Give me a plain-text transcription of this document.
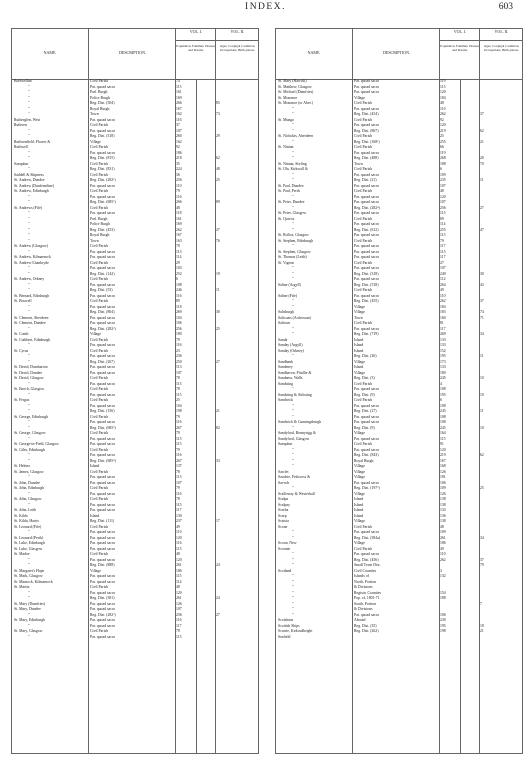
INDEX.	603
NAME.	DESCRIPTION.
VOL. I.
Population, Families, Houses, and Rooms.
VOL. II.
Ages, Conjugal Condition, Occupations, Birth-places.
Bothwellan	Civil Parish	74
"	Par. quoad sacra	115
"	Parl. Burgh	161
"	Police Burgh	169
"	Reg. Dist. (504)	266	85
"	Royal Burgh	167
"	Town	162	73
Rutherglen, West	Par. quoad sacra	116
Ruthven	Civil Parish	37
"	Par. quoad sacra	107
"	Reg. Dist. (318)	260	29
Ruthvenfield, Flower &	Village	162
Ruthwell	Civil Parish	92
"	Par. quoad sacra	186
"	Reg. Dist. (815)	218	62
Sanquhar	Civil Parish	35
"	Reg. Dist. (831)	224	48
Saddell & Skipness	Civil Parish	36
St. Andrew, Dundee	Reg. Dist. (282¹)	256	25
St. Andrew (Dunfermline)	Par. quoad sacra	110
St. Andrew, Edinburgh	Civil Parish	79
"	Par. quoad sacra	116
"	Reg. Dist. (685²)	266	89
St. Andrews (Fife)	Civil Parish	48
"	Par. quoad sacra	118
"	Parl. Burgh	161
"	Police Burgh	169
"	Reg. Dist. (453)	262	27
"	Royal Burgh	167
"	Town	163	76
St. Andrew (Glasgow)	Civil Parish	78
"	Par. quoad sacra	113
St. Andrew, Kilmarnock	Par. quoad sacra	114
St. Andrew-Lhanbryde	Civil Parish	29
"	Par. quoad sacra	103
"	Reg. Dist. (142)	252	19
St. Andrew, Orkney	Civil Parish	6
"	Par. quoad sacra	108
"	Reg. Dist. (53)	246	11
St. Bernard, Edinburgh	Par. quoad sacra	116
St. Boswell	Civil Parish	89
"	Par. quoad sacra	118
"	Reg. Dist. (804)	269	30
St. Clement, Aberdeen	Par. quoad sacra	104
St. Clement, Dundee	Par. quoad sacra	106
"	Reg. Dist. (282²)	256	25
St. Comb	Village	180
St. Cuthbert, Edinburgh	Civil Parish	79
"	Par. quoad sacra	116
St. Cyrus	Civil Parish	23
"	Par. quoad sacra	236
"	Reg. Dist. (267)	250	27
St. David, Dumbarton	Par. quoad sacra	113
St. David, Dundee	Par. quoad sacra	107
St. David, Glasgow	Civil Parish	78
"	Par. quoad sacra	113
St. Enoch, Glasgow	Civil Parish	78
"	Par. quoad sacra	115
St. Fergus	Civil Parish	25
"	Par. quoad sacra	104
"	Reg. Dist. (156)	198	21
St. George, Edinburgh	Civil Parish	79
"	Par. quoad sacra	116
"	Reg. Dist. (685³)	267	82
St. George, Glasgow	Civil Parish	79
"	Par. quoad sacra	115
St. George-in-Field, Glasgow	Par. quoad sacra	115
St. Giles, Edinburgh	Civil Parish	79
"	Par. quoad sacra	116
"	Reg. Dist. (685⁴)	267	33
St. Helena	Island	137
St. James, Glasgow	Civil Parish	78
"	Par. quoad sacra	115
St. John, Dundee	Par. quoad sacra	107
St. John, Edinburgh	Civil Parish	79
"	Par. quoad sacra	116
St. John, Glasgow	Civil Parish	78
"	Par. quoad sacra	115
St. John, Leith	Par. quoad sacra	117
St. Kilda	Island	130
St. Kilda, Harris	Reg. Dist. (111)	237	17
St. Leonard (Fife)	Civil Parish	49
"	Par. quoad sacra	110
St. Leonard (Perth)	Par. quoad sacra	120
St. Luke, Edinburgh	Par. quoad sacra	116
St. Luke, Glasgow	Par. quoad sacra	115
St. Madoe	Civil Parish	48
"	Par. quoad sacra	120
"	Reg. Dist. (888)	261	24
St. Margaret's Hope	Village	186
St. Mark, Glasgow	Par. quoad sacra	115
St. Marnock, Kilmarnock	Par. quoad sacra	114
St. Martin	Civil Parish	48
"	Par. quoad sacra	120
"	Reg. Dist. (381)	261	24
St. Mary (Dumfries)	Par. quoad sacra	126
St. Mary, Dundee	Par. quoad sacra	107
"	Reg. Dist. (282³)	256	27
St. Mary, Edinburgh	Par. quoad sacra	116
"	Par. quoad sacra	117
St. Mary, Glasgow	Civil Parish	78
"	Par. quoad sacra	115
NAME.	DESCRIPTION.
VOL. I.
Population, Families, Houses, and Rooms.
VOL. II.
Ages, Conjugal Condition, Occupations, Birth-places.
St. Mary (Hawick)	Par. quoad sacra	119
St. Matthew, Glasgow	Par. quoad sacra	115
St. Michael (Dumfries)	Par. quoad sacra	120
St. Monance	Village	184
St. Monance (or Aber.)	Civil Parish	48
"	Par. quoad sacra	110
"	Reg. Dist. (454)	262	37
St. Mungo	Civil Parish	92
"	Par. quoad sacra	120
"	Reg. Dist. (867)	219	62
St. Nicholas, Aberdeen	Civil Parish	25
"	Reg. Dist. (168¹)	255	21
St. Ninian	Civil Parish	66
"	Par. quoad sacra	119
"	Reg. Dist. (488)	268	20
St. Ninian, Stirling	Town	188	70
St. Ola, Kirkwall &	Civil Parish	6
"	Par. quoad sacra	109
"	Reg. Dist. (21)	235	11
St. Paul, Dundee	Par. quoad sacra	107
St. Paul, Perth	Civil Parish	48
"	Par. quoad sacra	120
St. Peter, Dundee	Par. quoad sacra	107
"	Reg. Dist. (282⁴)	256	27
St. Peter, Glasgow	Par. quoad sacra	115
St. Quivox	Civil Parish	69
"	Par. quoad sacra	114
"	Reg. Dist. (612)	255	47
St. Rollox, Glasgow	Par. quoad sacra	115
St. Stephen, Edinburgh	Civil Parish	79
"	Par. quoad sacra	117
St. Stephen, Glasgow	Par. quoad sacra	115
St. Thomas (Leith)	Par. quoad sacra	117
St. Vigean	Civil Parish	27
"	Par. quoad sacra	107
"	Reg. Dist. (318)	249	30
"	Par. quoad sacra	112
Saline (Argyll)	Reg. Dist. (518)	264	43
"	Civil Parish	49
Saline (Fife)	Par. quoad sacra	110
"	Reg. Dist. (455)	262	37
"	Village	184
Salisburgh	Village	183	74
Saltcoats (Ardrossan)	Town	160	71
Saltoun	Civil Parish	81
"	Par. quoad sacra	117
"	Reg. Dist. (719)	269	34
Sanda	Island	133
Sanday (Argyll)	Island	133
Sanday (Orkney)	Island	152
"	Reg. Dist. (26)	195	11
Sandbank	Village	173
Sandeney	Island	133
Sandhaven, Pitullie &	Village	180
Sandness, Walls	Reg. Dist. (3)	245	10
Sandsting	Civil Parish	4
"	Par. quoad sacra	108
Sandsting & Aithsting	Reg. Dist. (9)	195	10
Sandwick	Civil Parish	6
"	Par. quoad sacra	108
"	Reg. Dist. (27)	245	11
"	Par. quoad sacra	108
Sandwick & Cunningsburgh	Par. quoad sacra	108
"	Reg. Dist. (9)	245	10
Sandyford, Bonnyrigg &	Village	164
Sandyford, Glasgow	Par. quoad sacra	115
Sanquhar	Civil Parish	91
"	Par. quoad sacra	120
"	Reg. Dist. (843)	219	62
"	Royal Burgh	167
"	Village	168
Sarclet	Village	126
Sauchie, Fishcross &	Village	181
Savoch	Par. quoad sacra	106
"	Reg. Dist. (197²)	109	25
Scalloway & Westerhall	Village	126
Scalpa	Island	138
Scalpay	Island	138
Scarba	Island	133
Scarp	Island	136
Scatsta	Village	138
Scone	Civil Parish	48
"	Par. quoad sacra	109
"	Reg. Dist. (384a)	261	34
Scoon, New	Village	186
Scoonie	Civil Parish	49
"	Par. quoad sacra	110
"	Reg. Dist. (456)	262	37
"	Small Town Dist.	79
Scotland	Civil Counties	3
"	Islands of	132
"	North, Portion
"	& Divisions
"	Registn. Counties	154
"	Pop. of, 1801-71	188
"	South, Portion	7
"	& Divisions
"	Par. quoad sacra	106
Scotsburn	Abroad	230
Scottish Ships	Reg. Dist. (35)	195	18
Scurrie, Kirkcudbright	Reg. Dist. (262)	198	21
Seafield
